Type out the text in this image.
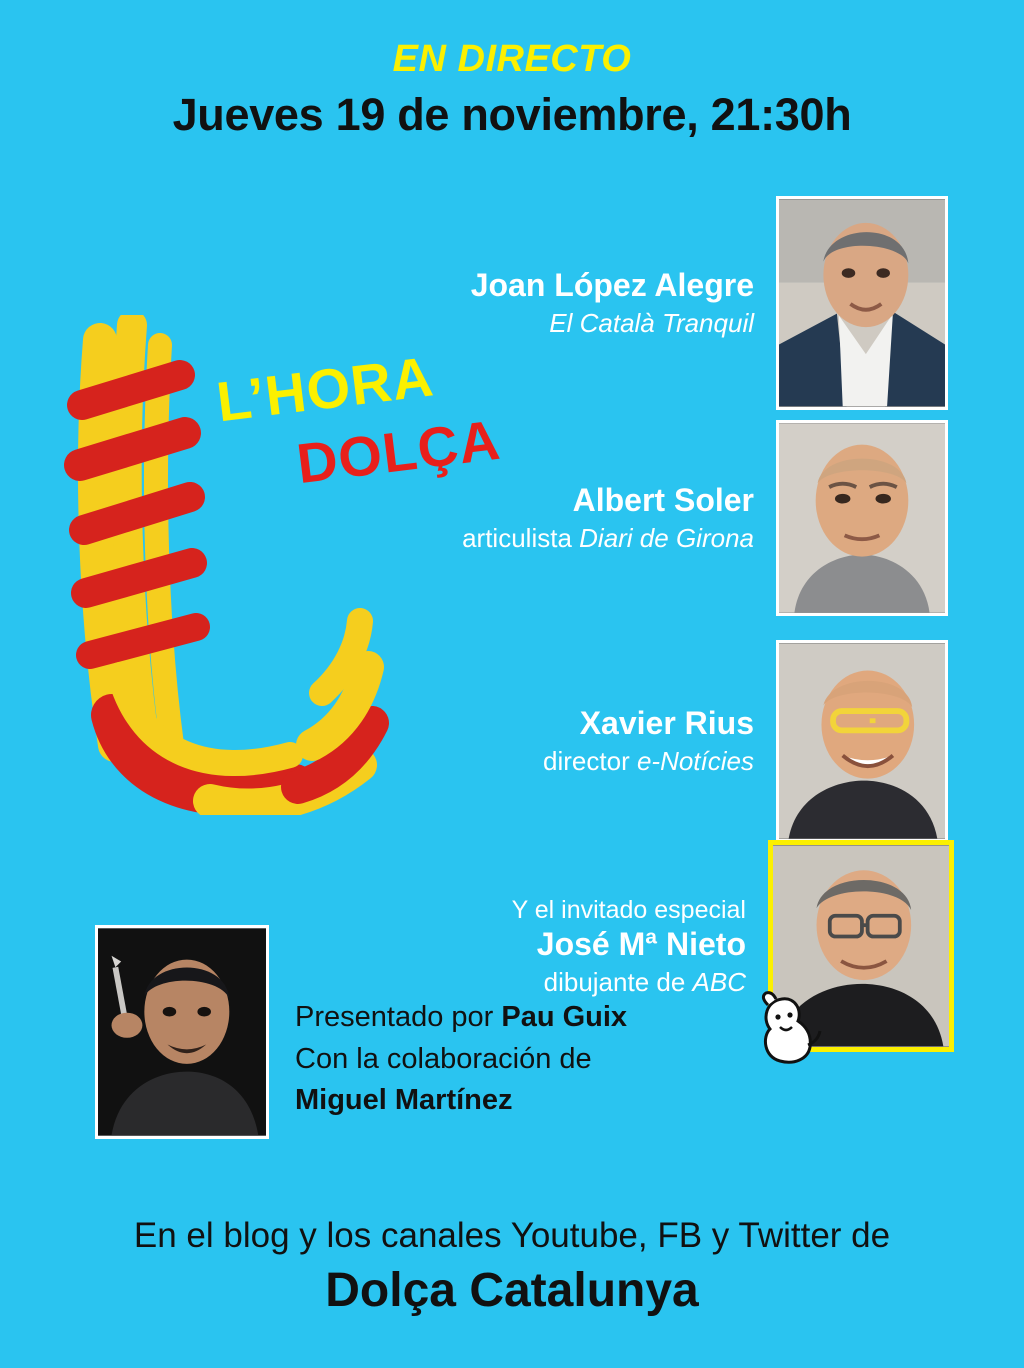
EN DIRECTO
Jueves 19 de noviembre, 21:30h
L’HORA
DOLÇA
Joan López Alegre
El Català Tranquil
Albert Soler
articulista Diari de Girona
Xavier Rius
director e-Notícies
Y el invitado especial
José Mª Nieto
dibujante de ABC
Presentado por Pau Guix
Con la colaboración de
Miguel Martínez
En el blog y los canales Youtube, FB y Twitter de
Dolça Catalunya
